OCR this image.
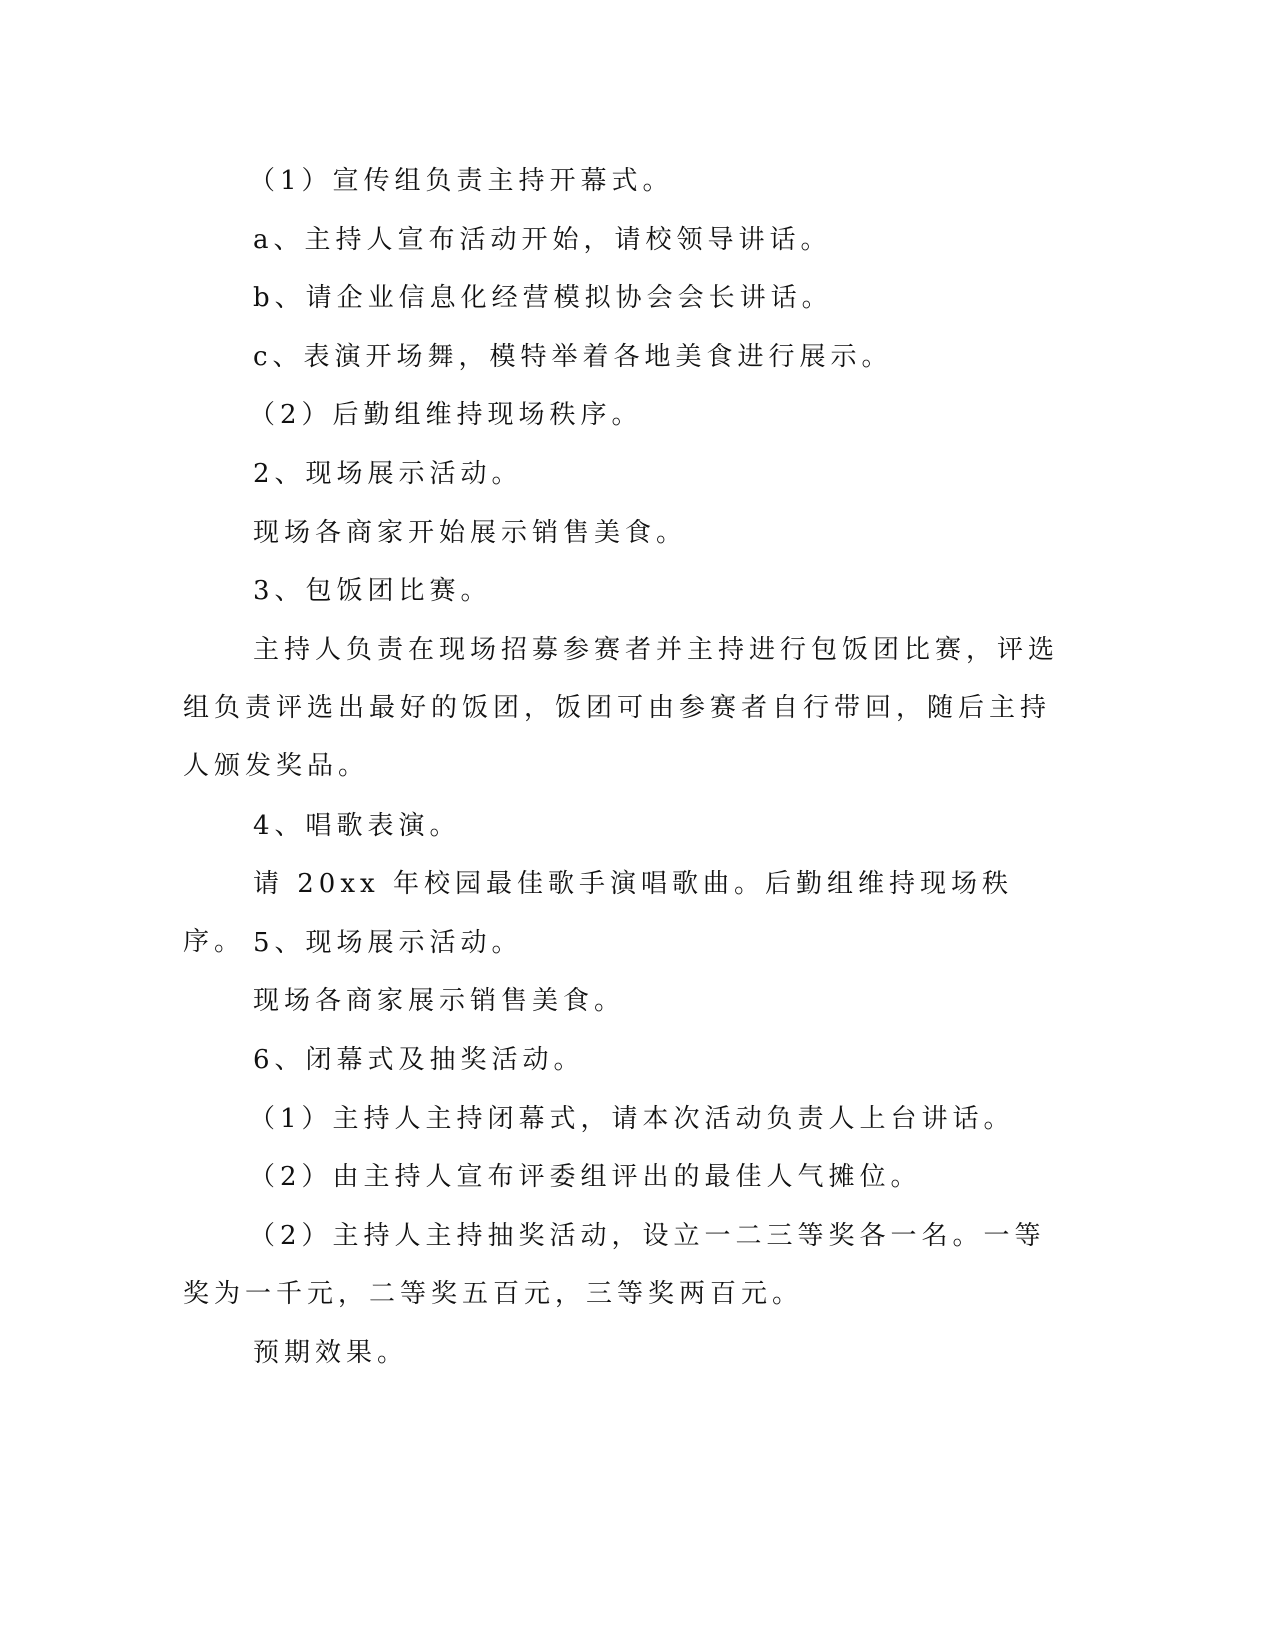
（1）宣传组负责主持开幕式。

a、主持人宣布活动开始，请校领导讲话。

b、请企业信息化经营模拟协会会长讲话。

c、表演开场舞，模特举着各地美食进行展示。

（2）后勤组维持现场秩序。

2、现场展示活动。

现场各商家开始展示销售美食。

3、包饭团比赛。

主持人负责在现场招募参赛者并主持进行包饭团比赛，评选组负责评选出最好的饭团，饭团可由参赛者自行带回，随后主持人颁发奖品。

4、唱歌表演。

请 20xx 年校园最佳歌手演唱歌曲。后勤组维持现场秩序。 5、现场展示活动。

现场各商家展示销售美食。

6、闭幕式及抽奖活动。

（1）主持人主持闭幕式，请本次活动负责人上台讲话。

（2）由主持人宣布评委组评出的最佳人气摊位。

（2）主持人主持抽奖活动，设立一二三等奖各一名。一等奖为一千元，二等奖五百元，三等奖两百元。

预期效果。
